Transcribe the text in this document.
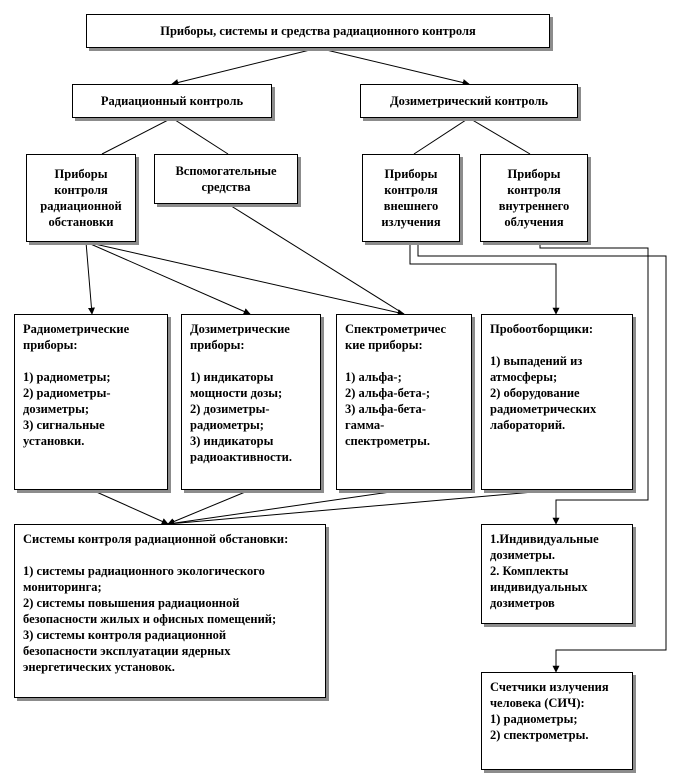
Приборы, системы и средства радиационного контроля
Радиационный контроль	Дозиметрический контроль
Приборы
контроля
радиационной
обстановки
Вспомогательные
средства
Приборы
контроля
внешнего
излучения
Приборы
контроля
внутреннего
облучения
Радиометрические
приборы:

1) радиометры;
2) радиометры-
дозиметры;
3) сигнальные
установки.
Дозиметрические
приборы:

1) индикаторы
мощности дозы;
2) дозиметры-
радиометры;
3) индикаторы
радиоактивности.
Спектрометричес
кие приборы:

1) альфа-;
2) альфа-бета-;
3) альфа-бета-
гамма-
спектрометры.
Пробоотборщики:

1) выпадений из
атмосферы;
2) оборудование
радиометрических
лабораторий.
Системы контроля радиационной обстановки:

1) системы радиационного экологического
мониторинга;
2) системы повышения радиационной
безопасности жилых и офисных помещений;
3) системы контроля радиационной
безопасности эксплуатации ядерных
энергетических установок.
1.Индивидуальные
дозиметры.
2. Комплекты
индивидуальных
дозиметров
Счетчики излучения
человека (СИЧ):
1) радиометры;
2) спектрометры.
